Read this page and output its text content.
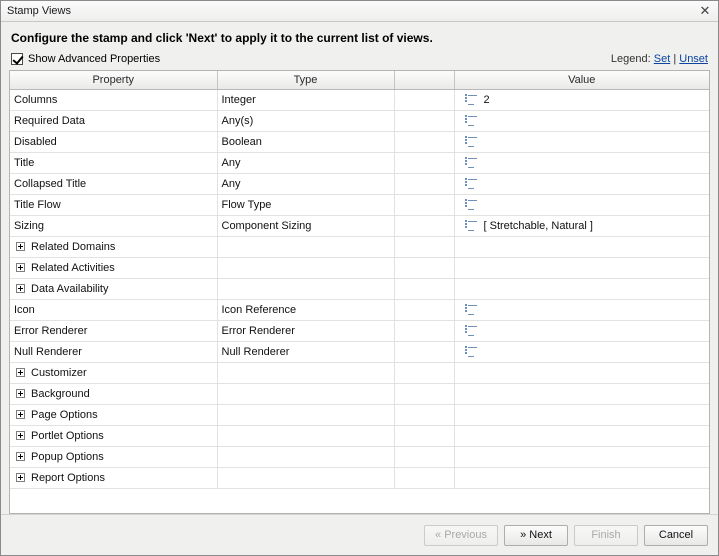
Stamp Views	✕
Configure the stamp and click 'Next' to apply it to the current list of views.
Show Advanced Properties	Legend: Set | Unset
Property	Type		Value
Columns	Integer		2

Required Data	Any(s)		

Disabled	Boolean		

Title	Any		

Collapsed Title	Any		

Title Flow	Flow Type		

Sizing	Component Sizing		[ Stretchable, Natural ]

Related Domains			

Related Activities			

Data Availability			

Icon	Icon Reference		

Error Renderer	Error Renderer		

Null Renderer	Null Renderer		

Customizer			

Background			

Page Options			

Portlet Options			

Popup Options			

Report Options			
« Previous	» Next	Finish	Cancel
